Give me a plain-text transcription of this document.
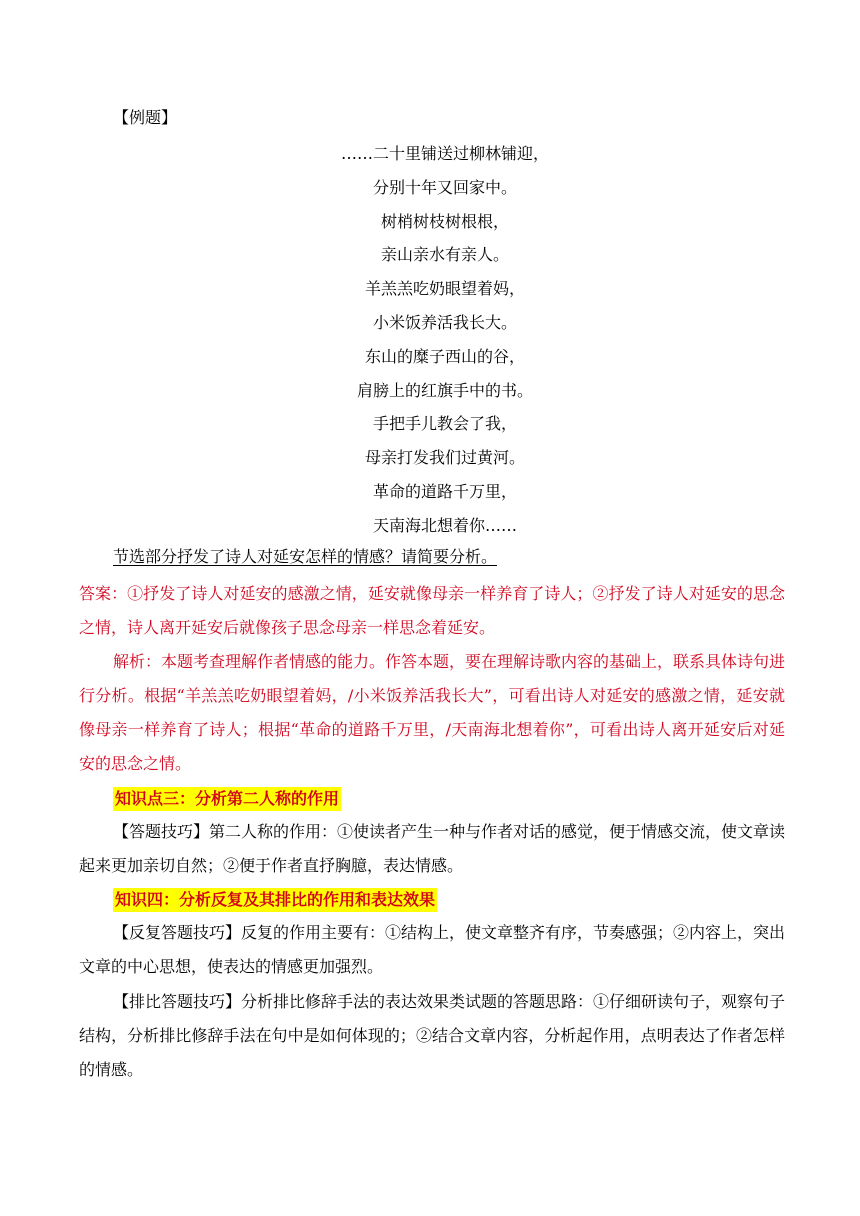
【例题】
……二十里铺送过柳林铺迎，
分别十年又回家中。
树梢树枝树根根，
亲山亲水有亲人。
羊羔羔吃奶眼望着妈，
小米饭养活我长大。
东山的糜子西山的谷，
肩膀上的红旗手中的书。
手把手儿教会了我，
母亲打发我们过黄河。
革命的道路千万里，
天南海北想着你……
节选部分抒发了诗人对延安怎样的情感？请简要分析。
答案：①抒发了诗人对延安的感激之情，延安就像母亲一样养育了诗人；②抒发了诗人对延安的思念之情，诗人离开延安后就像孩子思念母亲一样思念着延安。
解析：本题考查理解作者情感的能力。作答本题，要在理解诗歌内容的基础上，联系具体诗句进行分析。根据“羊羔羔吃奶眼望着妈，/小米饭养活我长大”，可看出诗人对延安的感激之情，延安就像母亲一样养育了诗人；根据“革命的道路千万里，/天南海北想着你”，可看出诗人离开延安后对延安的思念之情。
知识点三：分析第二人称的作用
【答题技巧】第二人称的作用：①使读者产生一种与作者对话的感觉，便于情感交流，使文章读起来更加亲切自然；②便于作者直抒胸臆，表达情感。
知识四：分析反复及其排比的作用和表达效果
【反复答题技巧】反复的作用主要有：①结构上，使文章整齐有序，节奏感强；②内容上，突出文章的中心思想，使表达的情感更加强烈。
【排比答题技巧】分析排比修辞手法的表达效果类试题的答题思路：①仔细研读句子，观察句子结构，分析排比修辞手法在句中是如何体现的；②结合文章内容，分析起作用，点明表达了作者怎样的情感。
